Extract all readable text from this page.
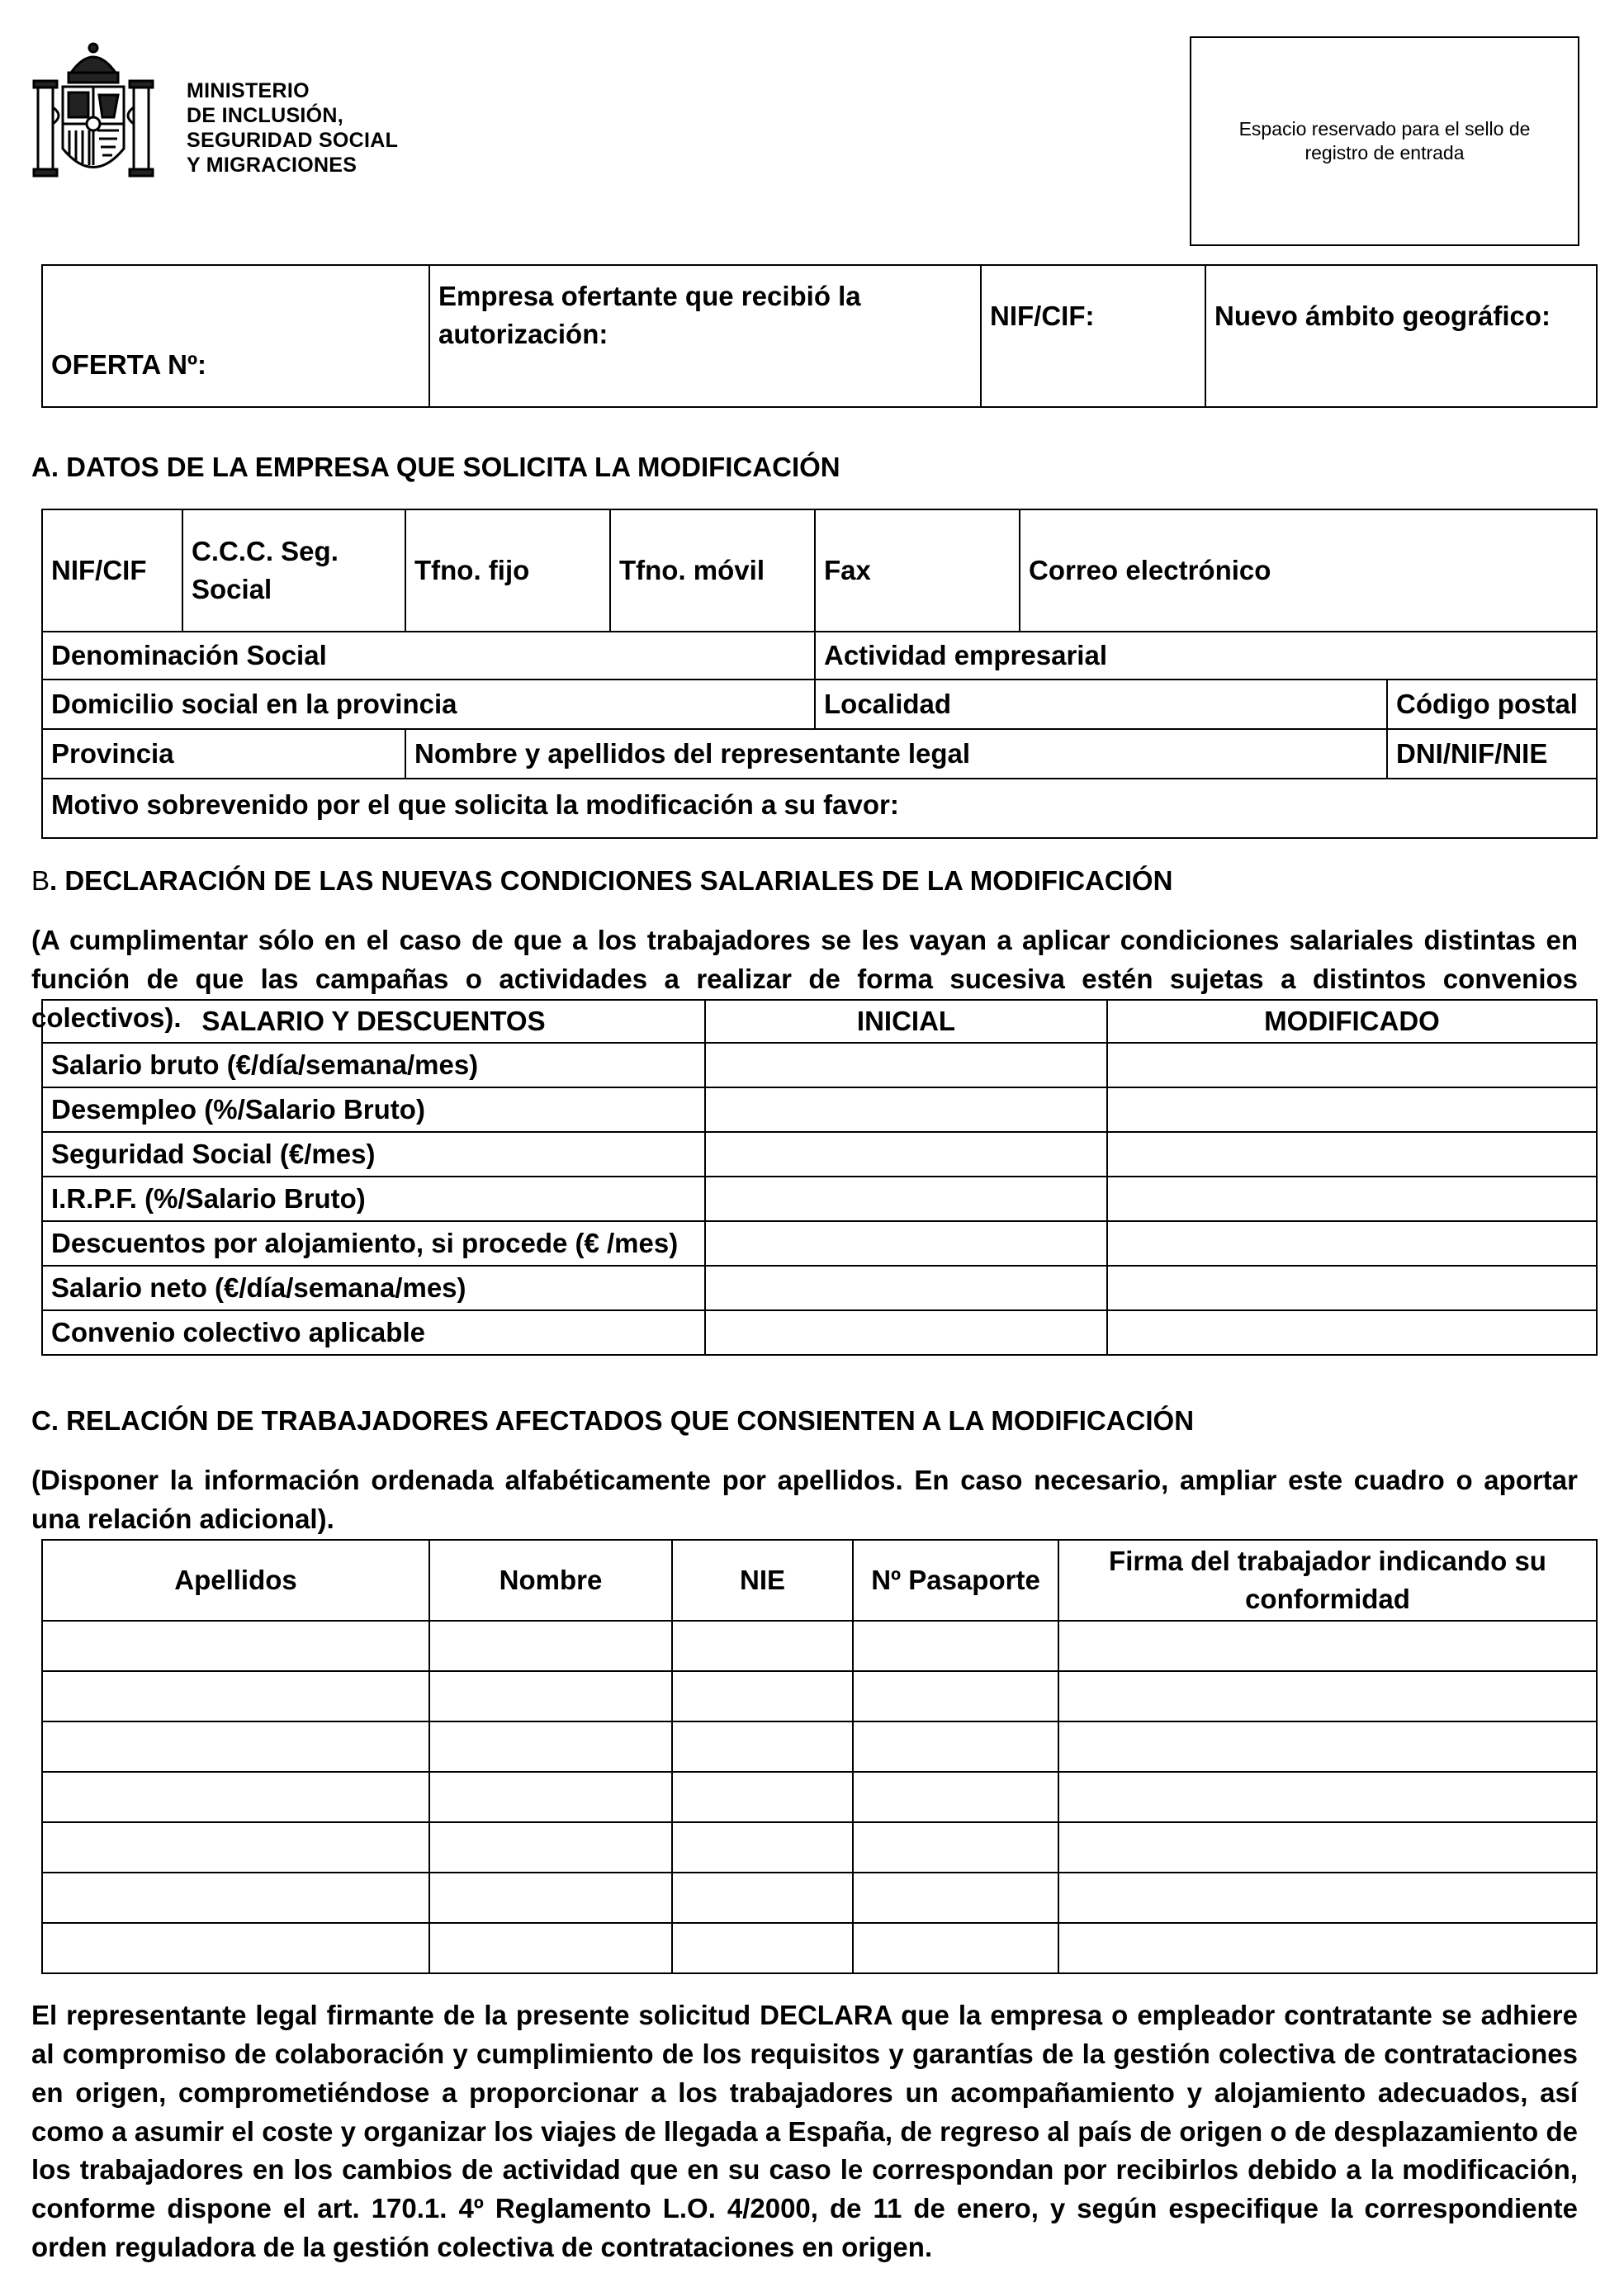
MINISTERIO
DE INCLUSIÓN,
SEGURIDAD SOCIAL
Y MIGRACIONES
Espacio reservado para el sello de registro de entrada
OFERTA Nº:	Empresa ofertante que recibió la autorización:	NIF/CIF:	Nuevo ámbito geográfico:
A. DATOS DE LA EMPRESA QUE SOLICITA LA MODIFICACIÓN
NIF/CIF	C.C.C. Seg. Social	Tfno. fijo	Tfno. móvil	Fax	Correo electrónico	
Denominación Social				Actividad empresarial		
Domicilio social en la provincia				Localidad		Código postal
Provincia		Nombre y apellidos del representante legal				DNI/NIF/NIE
Motivo sobrevenido por el que solicita la modificación a su favor:						
B. DECLARACIÓN DE LAS NUEVAS CONDICIONES SALARIALES DE LA MODIFICACIÓN
(A cumplimentar sólo en el caso de que a los trabajadores se les vayan a aplicar condiciones salariales distintas en función de que las campañas o actividades a realizar de forma sucesiva estén sujetas a distintos convenios colectivos). SALARIO Y DESCUENTOS	INICIAL	MODIFICADO
Salario bruto (€/día/semana/mes)		
Desempleo (%/Salario Bruto)		
Seguridad Social (€/mes)		
I.R.P.F. (%/Salario Bruto)		
Descuentos por alojamiento, si procede (€ /mes)		
Salario neto (€/día/semana/mes)		
Convenio colectivo aplicable		
C. RELACIÓN DE TRABAJADORES AFECTADOS QUE CONSIENTEN A LA MODIFICACIÓN
(Disponer la información ordenada alfabéticamente por apellidos. En caso necesario, ampliar este cuadro o aportar una relación adicional).
Apellidos	Nombre	NIE	Nº Pasaporte	Firma del trabajador indicando su conformidad

El representante legal firmante de la presente solicitud DECLARA que la empresa o empleador contratante se adhiere al compromiso de colaboración y cumplimiento de los requisitos y garantías de la gestión colectiva de contrataciones en origen, comprometiéndose a proporcionar a los trabajadores un acompañamiento y alojamiento adecuados, así como a asumir el coste y organizar los viajes de llegada a España, de regreso al país de origen o de desplazamiento de los trabajadores en los cambios de actividad que en su caso le correspondan por recibirlos debido a la modificación, conforme dispone el art. 170.1. 4º Reglamento L.O. 4/2000, de 11 de enero, y según especifique la correspondiente orden reguladora de la gestión colectiva de contrataciones en origen.
